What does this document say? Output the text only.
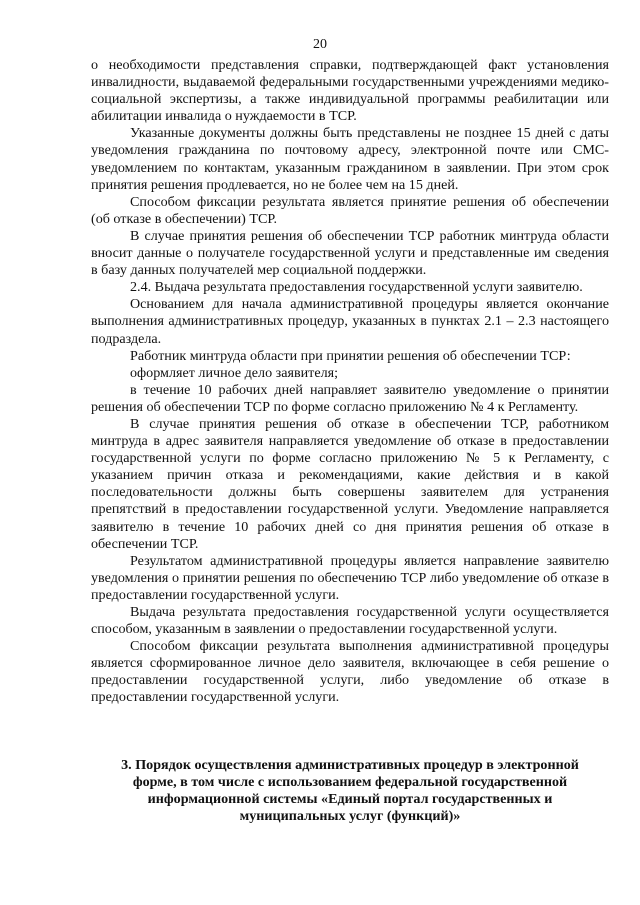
20

о необходимости представления справки, подтверждающей факт установления инвалидности, выдаваемой федеральными государственными учреждениями медико-социальной экспертизы, а также индивидуальной программы реабилитации или абилитации инвалида о нуждаемости в ТСР.

Указанные документы должны быть представлены не позднее 15 дней с даты уведомления гражданина по почтовому адресу, электронной почте или СМС-уведомлением по контактам, указанным гражданином в заявлении. При этом срок принятия решения продлевается, но не более чем на 15 дней.

Способом фиксации результата является принятие решения об обеспечении (об отказе в обеспечении) ТСР.

В случае принятия решения об обеспечении ТСР работник минтруда области вносит данные о получателе государственной услуги и представленные им сведения в базу данных получателей мер социальной поддержки.

2.4. Выдача результата предоставления государственной услуги заявителю.

Основанием для начала административной процедуры является окончание выполнения административных процедур, указанных в пунктах 2.1 – 2.3 настоящего подраздела.

Работник минтруда области при принятии решения об обеспечении ТСР:

оформляет личное дело заявителя;

в течение 10 рабочих дней направляет заявителю уведомление о принятии решения об обеспечении ТСР по форме согласно приложению № 4 к Регламенту.

В случае принятия решения об отказе в обеспечении ТСР, работником минтруда в адрес заявителя направляется уведомление об отказе в предоставлении государственной услуги по форме согласно приложению № 5 к Регламенту, с указанием причин отказа и рекомендациями, какие действия и в какой последовательности должны быть совершены заявителем для устранения препятствий в предоставлении государственной услуги. Уведомление направляется заявителю в течение 10 рабочих дней со дня принятия решения об отказе в обеспечении ТСР.

Результатом административной процедуры является направление заявителю уведомления о принятии решения по обеспечению ТСР либо уведомление об отказе в предоставлении государственной услуги.

Выдача результата предоставления государственной услуги осуществляется способом, указанным в заявлении о предоставлении государственной услуги.

Способом фиксации результата выполнения административной процедуры является сформированное личное дело заявителя, включающее в себя решение о предоставлении государственной услуги, либо уведомление об отказе в предоставлении государственной услуги.

3. Порядок осуществления административных процедур в электронной

форме, в том числе с использованием федеральной государственной

информационной системы «Единый портал государственных и

муниципальных услуг (функций)»
